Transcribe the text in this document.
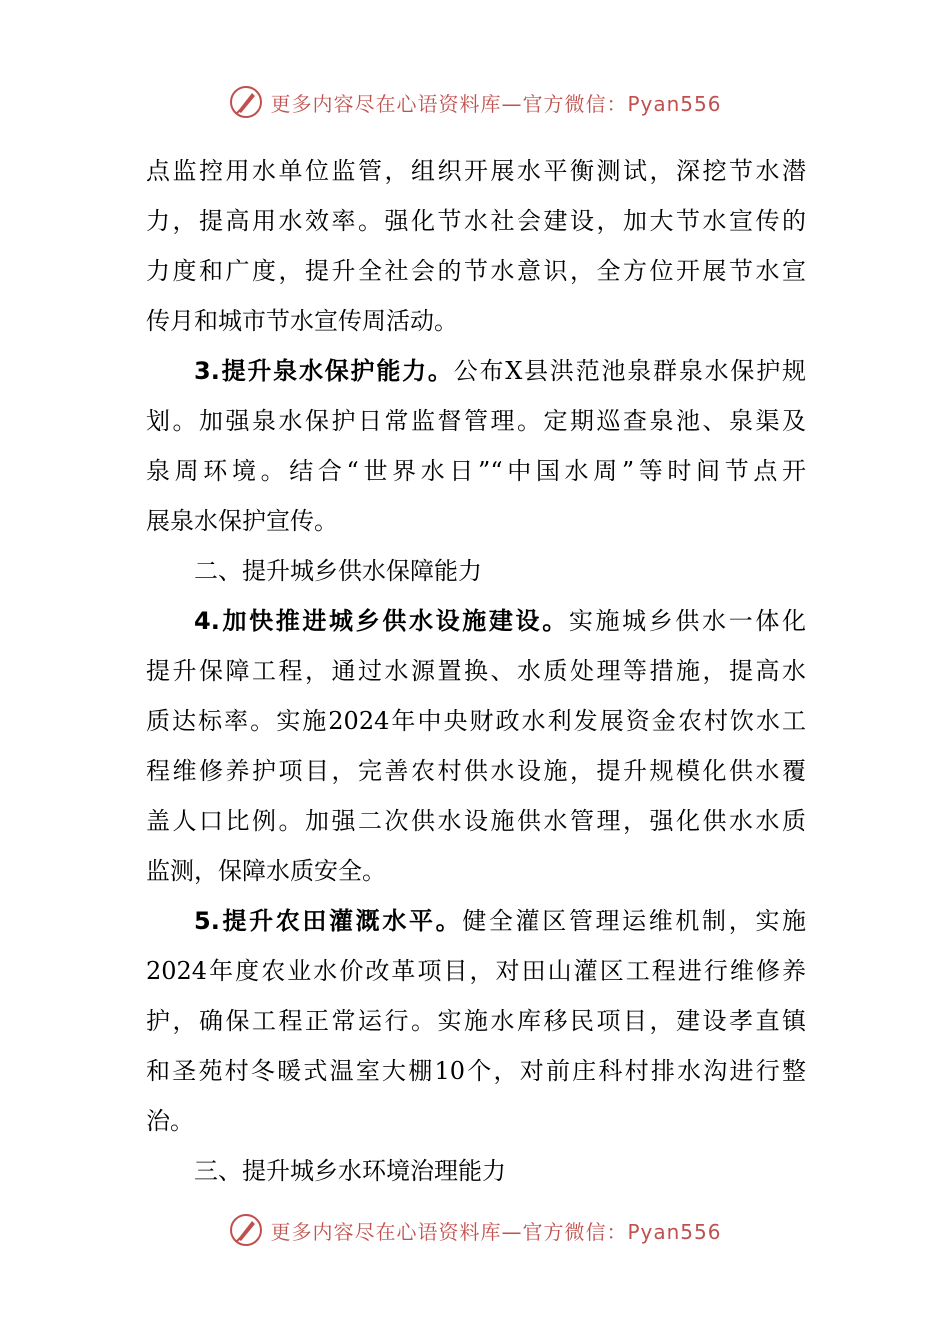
更多内容尽在心语资料库—官方微信：Pyan556
点监控用水单位监管，组织开展水平衡测试，深挖节水潜
力，提高用水效率。强化节水社会建设，加大节水宣传的
力度和广度，提升全社会的节水意识，全方位开展节水宣
传月和城市节水宣传周活动。
3.提升泉水保护能力。公布X县洪范池泉群泉水保护规
划。加强泉水保护日常监督管理。定期巡查泉池、泉渠及
泉周环境。结合“世界水日”“中国水周”等时间节点开
展泉水保护宣传。
二、提升城乡供水保障能力
4.加快推进城乡供水设施建设。实施城乡供水一体化
提升保障工程，通过水源置换、水质处理等措施，提高水
质达标率。实施2024年中央财政水利发展资金农村饮水工
程维修养护项目，完善农村供水设施，提升规模化供水覆
盖人口比例。加强二次供水设施供水管理，强化供水水质
监测，保障水质安全。
5.提升农田灌溉水平。健全灌区管理运维机制，实施
2024年度农业水价改革项目，对田山灌区工程进行维修养
护，确保工程正常运行。实施水库移民项目，建设孝直镇
和圣苑村冬暖式温室大棚10个，对前庄科村排水沟进行整
治。
三、提升城乡水环境治理能力
更多内容尽在心语资料库—官方微信：Pyan556
